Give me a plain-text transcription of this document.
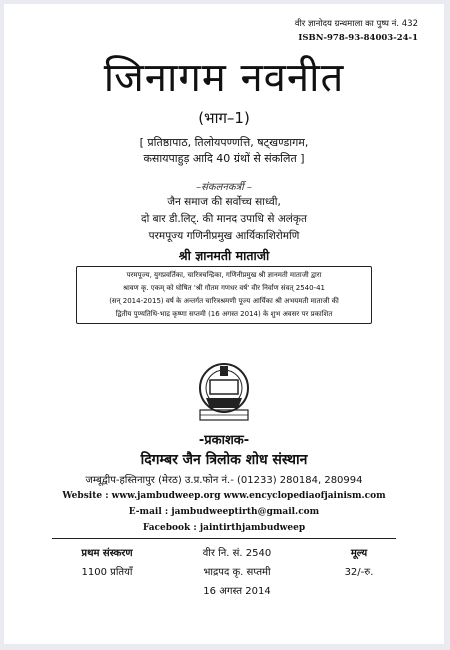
वीर ज्ञानोदय ग्रन्थमाला का पुष्प नं. 432
ISBN-978-93-84003-24-1
जिनागम नवनीत
(भाग–1)
[ प्रतिष्ठापाठ, तिलोयपण्णत्ति, षट्खण्डागम,
कसायपाहुड़ आदि 40 ग्रंथों से संकलित ]
–संकलनकर्त्री –
जैन समाज की सर्वोच्च साध्वी,
दो बार डी.लिट्. की मानद उपाधि से अलंकृत
परमपूज्य गणिनीप्रमुख आर्यिकाशिरोमणि
श्री ज्ञानमती माताजी
परमपूज्य, युगप्रवर्तिका, चारित्रचन्द्रिका, गणिनीप्रमुख श्री ज्ञानमती माताजी द्वारा
श्रावण कृ. एकम् को घोषित 'श्री गौतम गणधर वर्ष' वीर निर्वाण संवत् 2540-41
(सन् 2014-2015) वर्ष के अन्तर्गत चारित्रश्रमणी पूज्य आर्यिका श्री अभयमती माताजी की
द्वितीय पुण्यतिथि-भाद्र कृष्णा सप्तमी (16 अगस्त 2014) के शुभ अवसर पर प्रकाशित
-प्रकाशक-
दिगम्बर जैन त्रिलोक शोध संस्थान
जम्बूद्वीप-हस्तिनापुर (मेरठ) उ.प्र.फोन नं.- (01233) 280184, 280994
Website : www.jambudweep.org www.encyclopediaofjainism.com
E-mail : jambudweeptirth@gmail.com
Facebook : jaintirthjambudweep
प्रथम संस्करण
1100 प्रतियाँ
वीर नि. सं. 2540
भाद्रपद कृ. सप्तमी
16 अगस्त 2014
मूल्य
32/-रु.
